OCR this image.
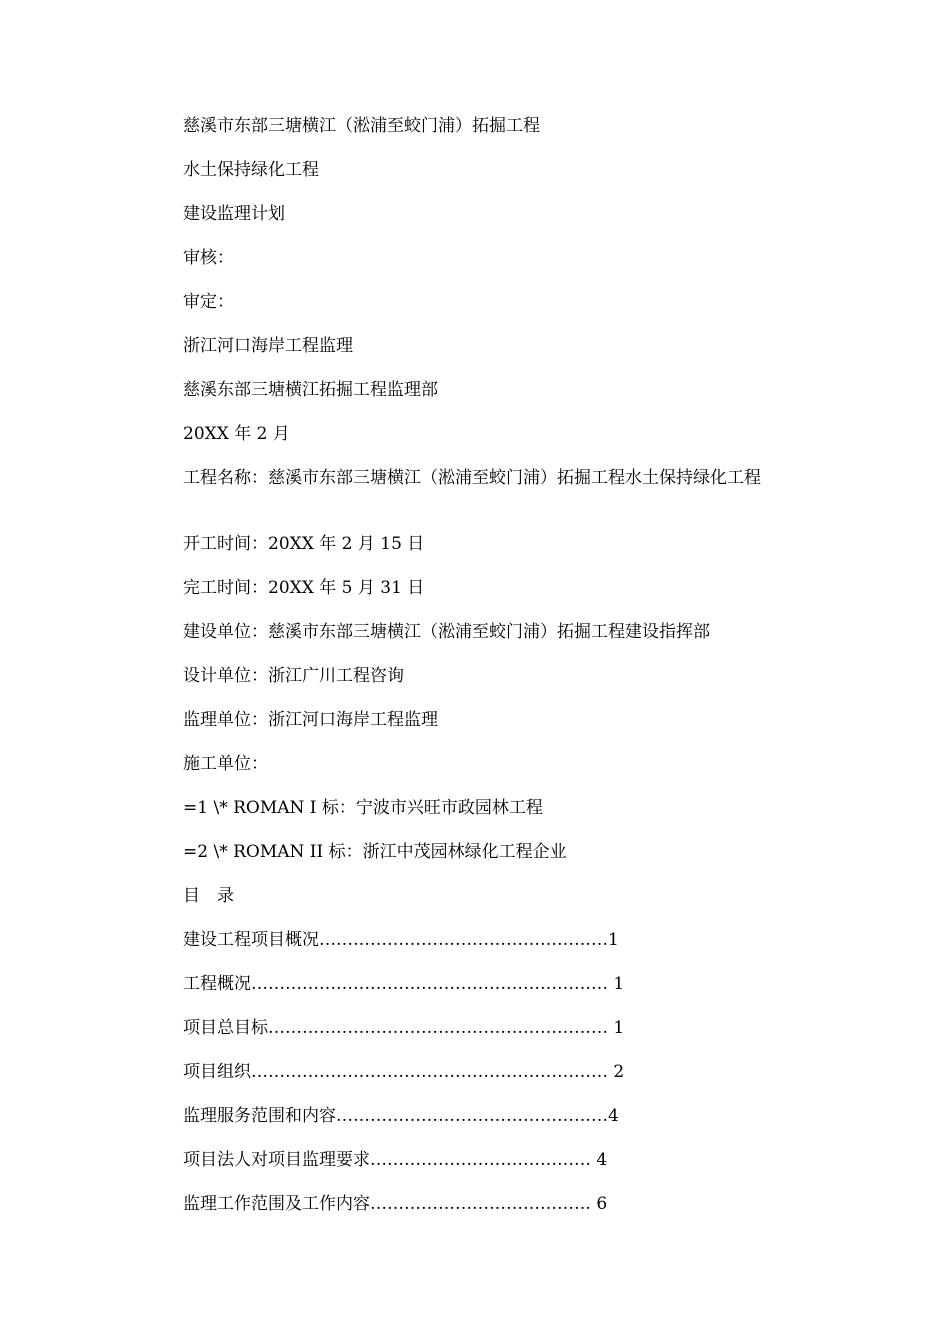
慈溪市东部三塘横江（淞浦至蛟门浦）拓掘工程

水土保持绿化工程

建设监理计划

审核：

审定：

浙江河口海岸工程监理

慈溪东部三塘横江拓掘工程监理部

20XX 年 2 月

工程名称：慈溪市东部三塘横江（淞浦至蛟门浦）拓掘工程水土保持绿化工程

开工时间：20XX 年 2 月 15 日

完工时间：20XX 年 5 月 31 日

建设单位：慈溪市东部三塘横江（淞浦至蛟门浦）拓掘工程建设指挥部

设计单位：浙江广川工程咨询

监理单位：浙江河口海岸工程监理

施工单位：

=1 \* ROMAN I 标：宁波市兴旺市政园林工程

=2 \* ROMAN II 标：浙江中茂园林绿化工程企业

目　录

建设工程项目概况……………………………………………1

工程概况……………………………………………………… 1

项目总目标…………………………………………………… 1

项目组织……………………………………………………… 2

监理服务范围和内容…………………………………………4

项目法人对项目监理要求………………………………… 4

监理工作范围及工作内容………………………………… 6
